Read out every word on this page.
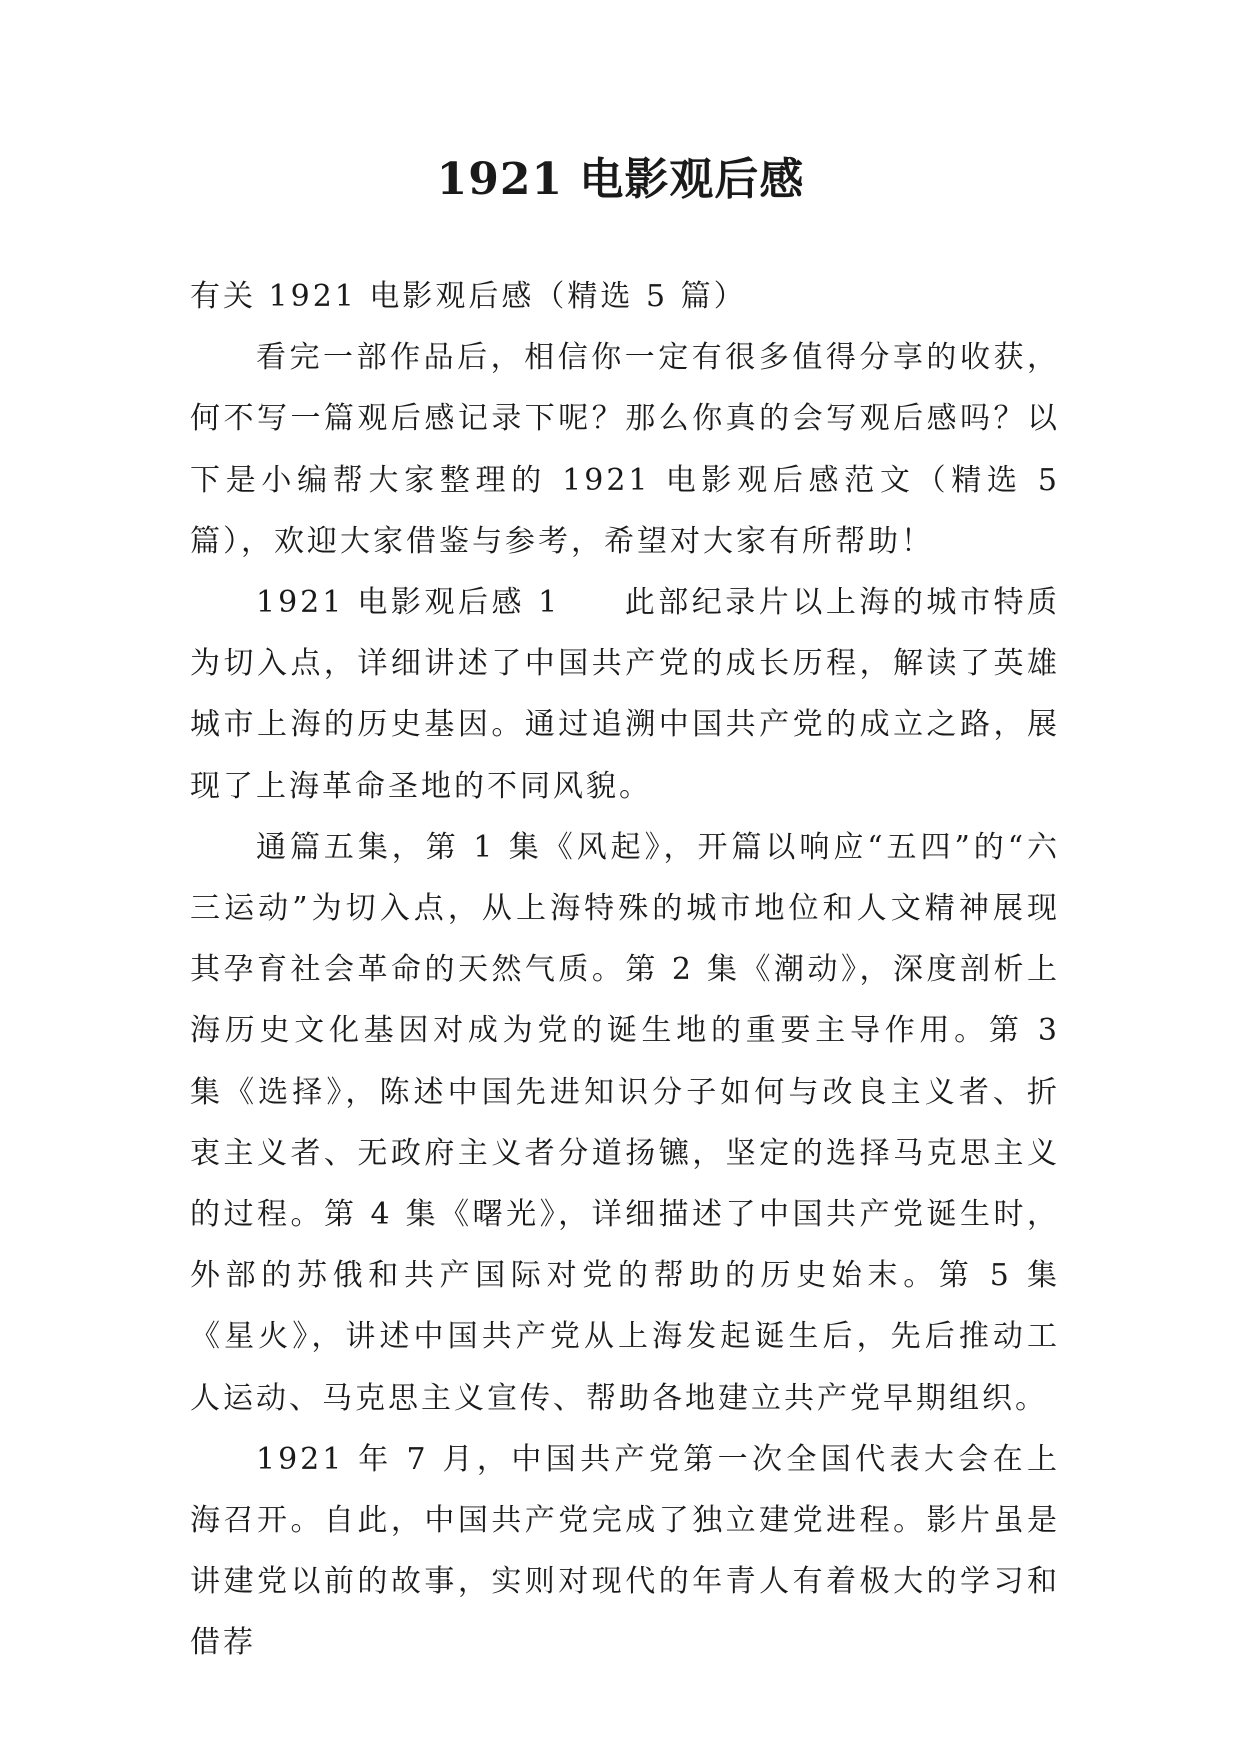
1921 电影观后感

有关 1921 电影观后感（精选 5 篇）

看完一部作品后，相信你一定有很多值得分享的收获，何不写一篇观后感记录下呢？那么你真的会写观后感吗？以下是小编帮大家整理的 1921 电影观后感范文（精选 5 篇），欢迎大家借鉴与参考，希望对大家有所帮助！

1921 电影观后感 1 此部纪录片以上海的城市特质为切入点，详细讲述了中国共产党的成长历程，解读了英雄城市上海的历史基因。通过追溯中国共产党的成立之路，展现了上海革命圣地的不同风貌。

通篇五集，第 1 集《风起》，开篇以响应“五四”的“六三运动”为切入点，从上海特殊的城市地位和人文精神展现其孕育社会革命的天然气质。第 2 集《潮动》，深度剖析上海历史文化基因对成为党的诞生地的重要主导作用。第 3 集《选择》，陈述中国先进知识分子如何与改良主义者、折衷主义者、无政府主义者分道扬镳，坚定的选择马克思主义的过程。第 4 集《曙光》，详细描述了中国共产党诞生时，外部的苏俄和共产国际对党的帮助的历史始末。第 5 集《星火》，讲述中国共产党从上海发起诞生后，先后推动工人运动、马克思主义宣传、帮助各地建立共产党早期组织。

1921 年 7 月，中国共产党第一次全国代表大会在上海召开。自此，中国共产党完成了独立建党进程。影片虽是讲建党以前的故事，实则对现代的年青人有着极大的学习和借荐
